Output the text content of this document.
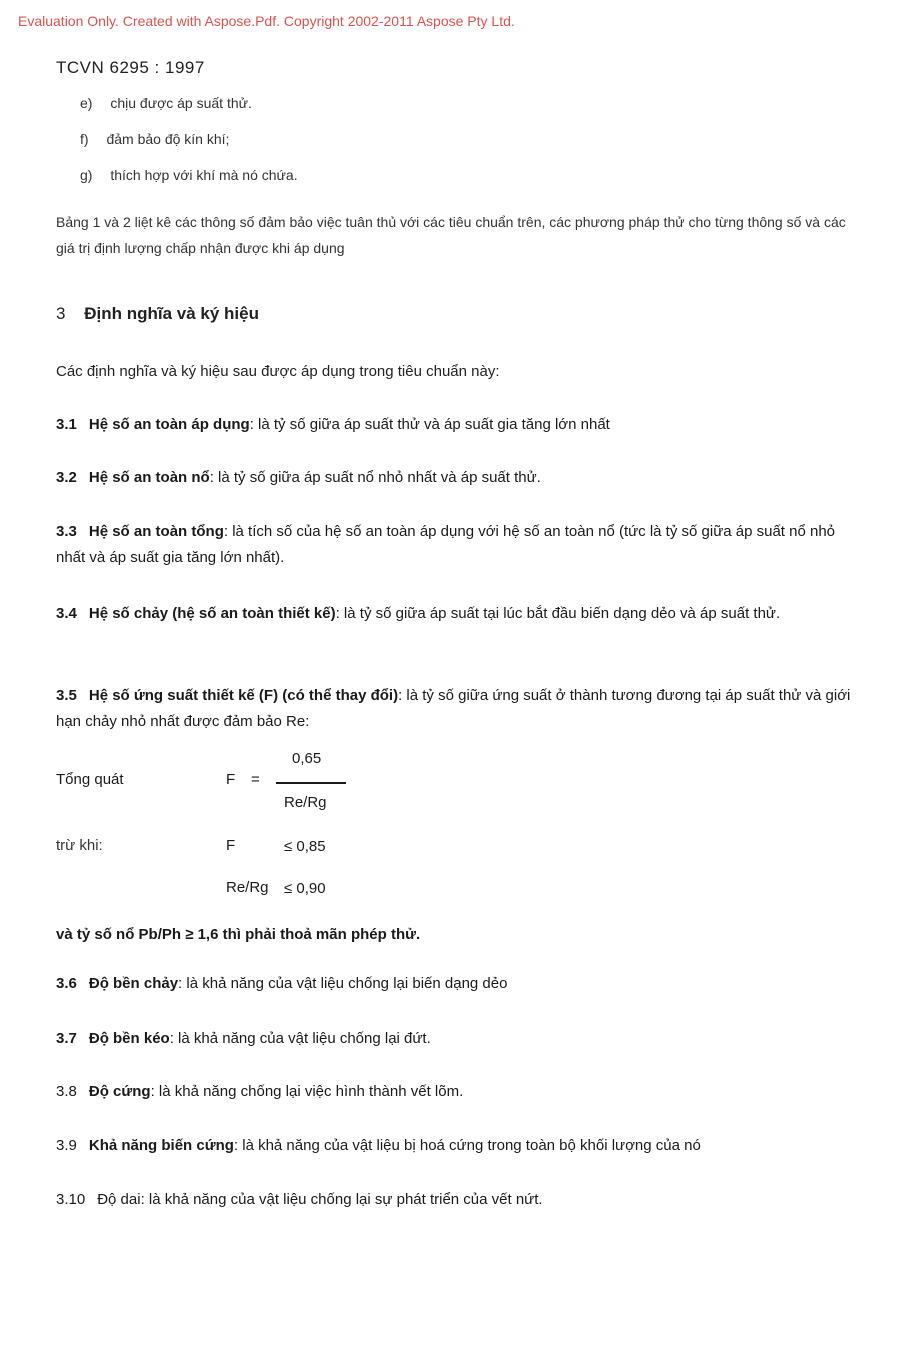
Evaluation Only. Created with Aspose.Pdf. Copyright 2002-2011 Aspose Pty Ltd.
TCVN 6295 : 1997
e) chịu được áp suất thử.
f) đảm bảo độ kín khí;
g) thích hợp với khí mà nó chứa.
Bảng 1 và 2 liệt kê các thông số đảm bảo việc tuân thủ với các tiêu chuẩn trên, các phương pháp thử cho từng thông số và các giá trị định lượng chấp nhận được khi áp dụng
3 Định nghĩa và ký hiệu
Các định nghĩa và ký hiệu sau được áp dụng trong tiêu chuẩn này:
3.1 Hệ số an toàn áp dụng: là tỷ số giữa áp suất thử và áp suất gia tăng lớn nhất
3.2 Hệ số an toàn nổ: là tỷ số giữa áp suất nổ nhỏ nhất và áp suất thử.
3.3 Hệ số an toàn tổng: là tích số của hệ số an toàn áp dụng với hệ số an toàn nổ (tức là tỷ số giữa áp suất nổ nhỏ nhất và áp suất gia tăng lớn nhất).
3.4 Hệ số chảy (hệ số an toàn thiết kế): là tỷ số giữa áp suất tại lúc bắt đầu biến dạng dẻo và áp suất thử.
3.5 Hệ số ứng suất thiết kế (F) (có thể thay đổi): là tỷ số giữa ứng suất ở thành tương đương tại áp suất thử và giới hạn chảy nhỏ nhất được đảm bảo Re:
Tổng quát	F =
0,65
Re/Rg
trừ khi:	F	≤ 0,85
Re/Rg ≤ 0,90
và tỷ số nổ Pb/Ph ≥ 1,6 thì phải thoả mãn phép thử.
3.6 Độ bền chảy: là khả năng của vật liệu chống lại biến dạng dẻo
3.7 Độ bền kéo: là khả năng của vật liệu chống lại đứt.
3.8 Độ cứng: là khả năng chống lại việc hình thành vết lõm.
3.9 Khả năng biến cứng: là khả năng của vật liệu bị hoá cứng trong toàn bộ khối lượng của nó
3.10 Độ dai: là khả năng của vật liệu chống lại sự phát triển của vết nứt.
